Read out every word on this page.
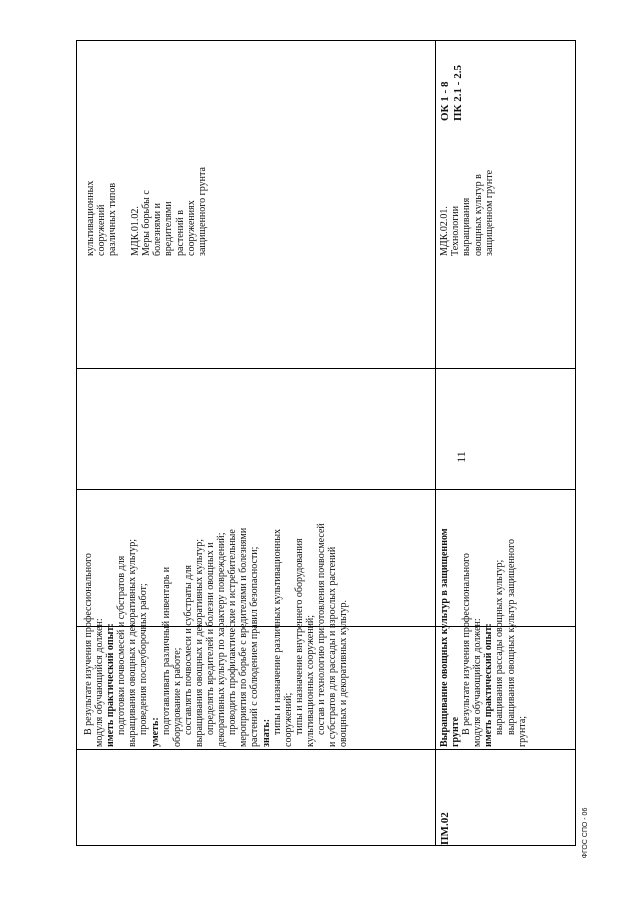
11
ФГОС СПО - 06
В результате изучения профессионального модуля обучающийся должен: иметь практический опыт: подготовки почвосмесей и субстратов для выращивания овощных и декоративных культур; проведения послеуборочных работ; уметь: подготавливать различный инвентарь и оборудование к работе; составлять почвосмеси и субстраты для выращивания овощных и декоративных культур; определять вредителей и болезни овощных и декоративных культур по характеру повреждений; проводить профилактические и истребительные мероприятия по борьбе с вредителями и болезнями растений с соблюдением правил безопасности; знать: типы и назначение различных культивационных сооружений; типы и назначение внутреннего оборудования культивационных сооружений; состав и технологию приготовления почвосмесей и субстратов для рассады и взрослых растений овощных и декоративных культур.
культивационных сооружений различных типов
МДК.01.02. Меры борьбы с болезнями и вредителями растений в сооружениях защищенного грунта
ПМ.02
Выращивание овощных культур в защищенном грунте В результате изучения профессионального модуля обучающийся должен: иметь практический опыт: выращивания рассады овощных культур; выращивания овощных культур защищенного грунта;
МДК.02.01. Технологии выращивания овощных культур в защищенном грунте
ОК 1 - 8 ПК 2.1 - 2.5
